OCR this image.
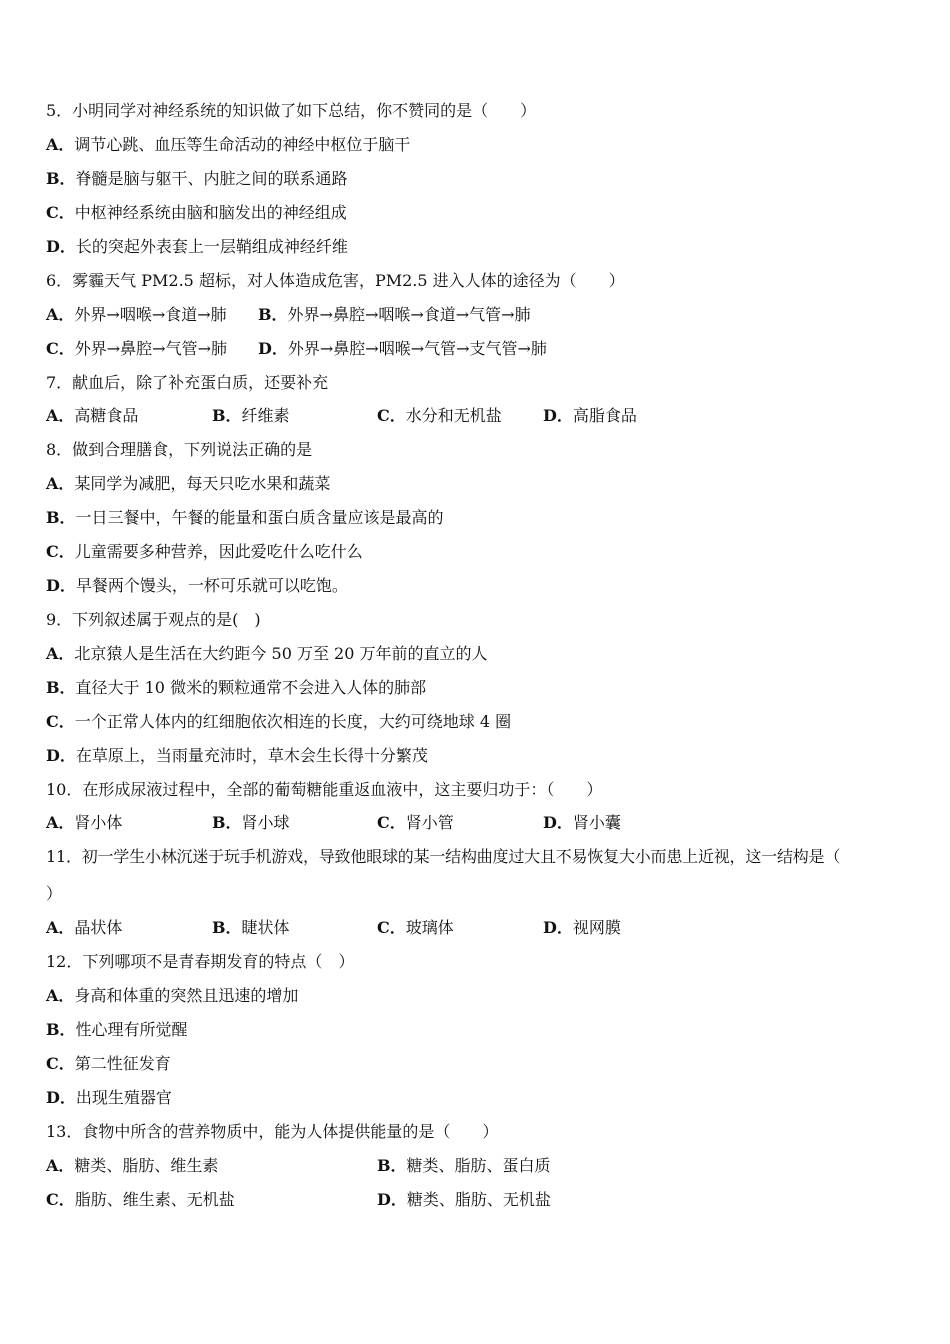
5．小明同学对神经系统的知识做了如下总结，你不赞同的是（　　）
A．调节心跳、血压等生命活动的神经中枢位于脑干
B．脊髓是脑与躯干、内脏之间的联系通路
C．中枢神经系统由脑和脑发出的神经组成
D．长的突起外表套上一层鞘组成神经纤维
6．雾霾天气 PM2.5 超标，对人体造成危害，PM2.5 进入人体的途径为（　　）
A．外界→咽喉→食道→肺 B．外界→鼻腔→咽喉→食道→气管→肺
C．外界→鼻腔→气管→肺 D．外界→鼻腔→咽喉→气管→支气管→肺
7．献血后，除了补充蛋白质，还要补充
A．高糖食品	B．纤维素	C．水分和无机盐	D．高脂食品
8．做到合理膳食，下列说法正确的是
A．某同学为减肥，每天只吃水果和蔬菜
B．一日三餐中，午餐的能量和蛋白质含量应该是最高的
C．儿童需要多种营养，因此爱吃什么吃什么
D．早餐两个馒头，一杯可乐就可以吃饱。
9．下列叙述属于观点的是(　)
A．北京猿人是生活在大约距今 50 万至 20 万年前的直立的人
B．直径大于 10 微米的颗粒通常不会进入人体的肺部
C．一个正常人体内的红细胞依次相连的长度，大约可绕地球 4 圈
D．在草原上，当雨量充沛时，草木会生长得十分繁茂
10．在形成尿液过程中，全部的葡萄糖能重返血液中，这主要归功于：（　　）
A．肾小体	B．肾小球	C．肾小管	D．肾小囊
11．初一学生小林沉迷于玩手机游戏，导致他眼球的某一结构曲度过大且不易恢复大小而患上近视，这一结构是（
）
A．晶状体	B．睫状体	C．玻璃体	D．视网膜
12．下列哪项不是青春期发育的特点（　）
A．身高和体重的突然且迅速的增加
B．性心理有所觉醒
C．第二性征发育
D．出现生殖器官
13．食物中所含的营养物质中，能为人体提供能量的是（　　）
A．糖类、脂肪、维生素	B．糖类、脂肪、蛋白质
C．脂肪、维生素、无机盐	D．糖类、脂肪、无机盐
